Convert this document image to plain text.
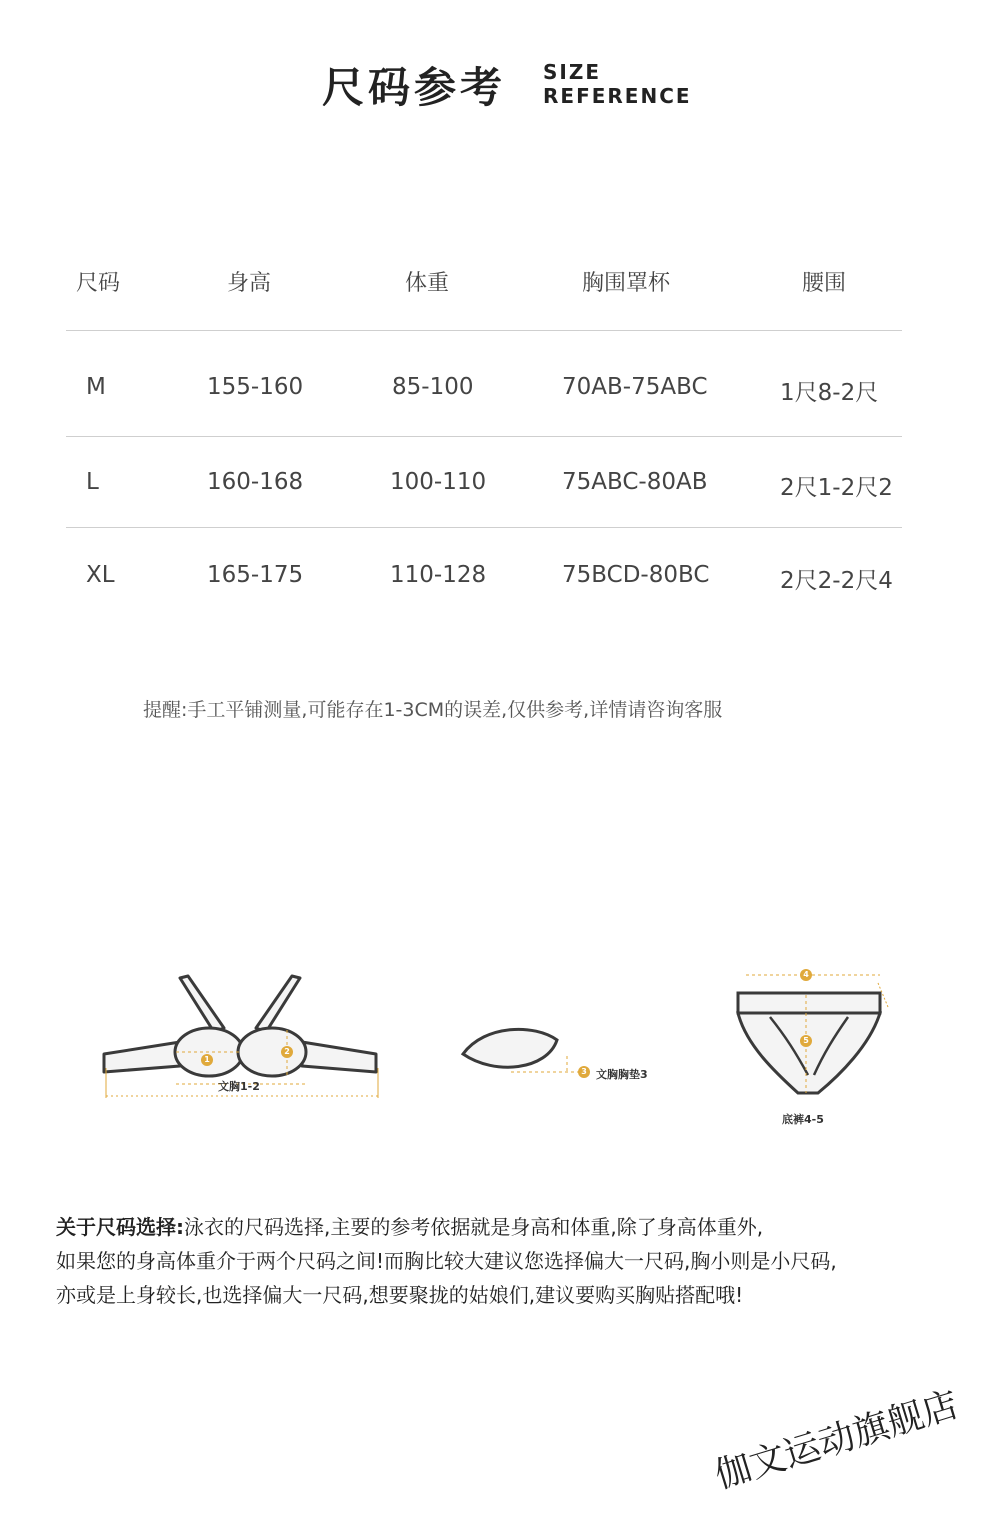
尺码参考 SIZE
REFERENCE
尺码	身高	体重	胸围罩杯	腰围
M	155-160	85-100	70AB-75ABC	1尺8-2尺
L	160-168	100-110	75ABC-80AB	2尺1-2尺2
XL	165-175	110-128	75BCD-80BC	2尺2-2尺4
提醒:手工平铺测量,可能存在1-3CM的误差,仅供参考,详情请咨询客服
1
2
文胸1-2
3 文胸胸垫3
4
5
底裤4-5
关于尺码选择:泳衣的尺码选择,主要的参考依据就是身高和体重,除了身高体重外,
如果您的身高体重介于两个尺码之间!而胸比较大建议您选择偏大一尺码,胸小则是小尺码,
亦或是上身较长,也选择偏大一尺码,想要聚拢的姑娘们,建议要购买胸贴搭配哦!
伽文运动旗舰店
